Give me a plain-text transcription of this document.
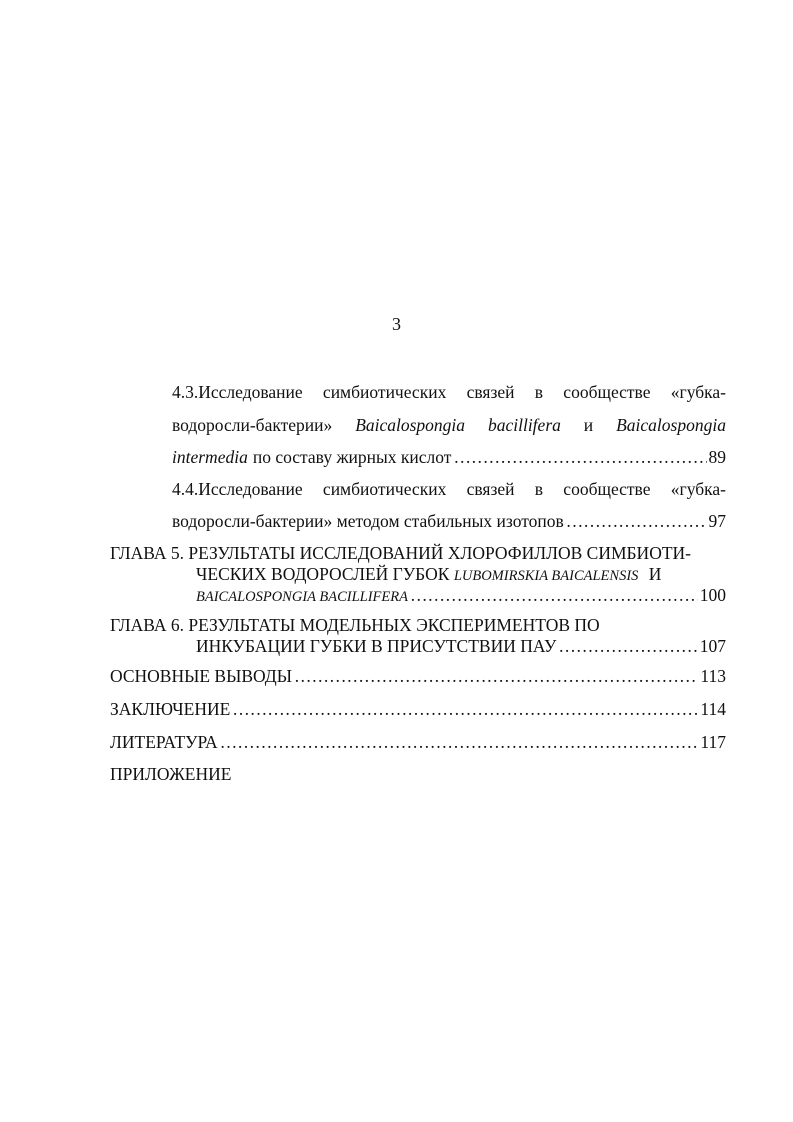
3
4.3.Исследование симбиотических связей в сообществе «губка-
водоросли-бактерии» Baicalospongia bacillifera и Baicalospongia
intermedia по составу жирных кислот …………………………………………………………………………………………………………………………………………………………	89
4.4.Исследование симбиотических связей в сообществе «губка-
водоросли-бактерии» методом стабильных изотопов …………………………………………………………………………………………………………………………………………………………	97
ГЛАВА 5. РЕЗУЛЬТАТЫ ИССЛЕДОВАНИЙ ХЛОРОФИЛЛОВ СИМБИОТИ-
ЧЕСКИХ ВОДОРОСЛЕЙ ГУБОК LUBOMIRSKIA BAICALENSIS И
BAICALOSPONGIA BACILLIFERA …………………………………………………………………………………………………………………………………………………………	100
ГЛАВА 6. РЕЗУЛЬТАТЫ МОДЕЛЬНЫХ ЭКСПЕРИМЕНТОВ ПО
ИНКУБАЦИИ ГУБКИ В ПРИСУТСТВИИ ПАУ …………………………………………………………………………………………………………………………………………………………	107
ОСНОВНЫЕ ВЫВОДЫ …………………………………………………………………………………………………………………………………………………………	113
ЗАКЛЮЧЕНИЕ …………………………………………………………………………………………………………………………………………………………	114
ЛИТЕРАТУРА …………………………………………………………………………………………………………………………………………………………	117
ПРИЛОЖЕНИЕ
